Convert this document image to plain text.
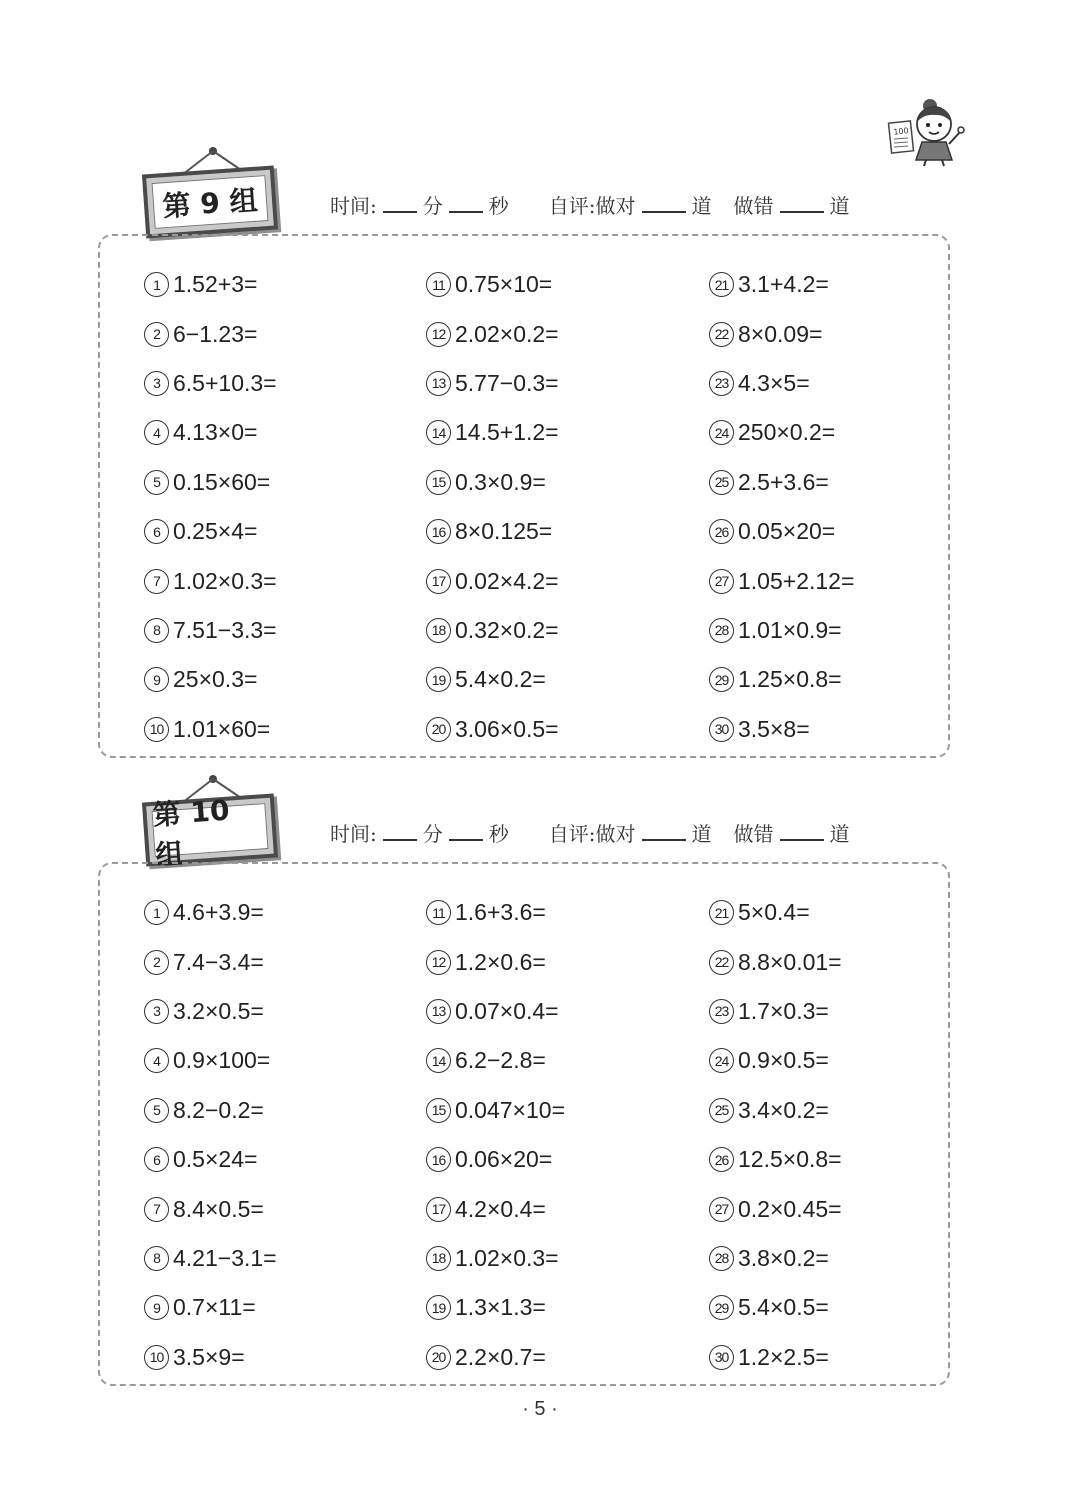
100
第 9 组	时间: 分 秒 自评:做对	道 做错	道
1 1.52+3=
2 6−1.23=
3 6.5+10.3=
4 4.13×0=
5 0.15×60=
6 0.25×4=
7 1.02×0.3=
8 7.51−3.3=
9 25×0.3=
10 1.01×60=
11 0.75×10=
12 2.02×0.2=
13 5.77−0.3=
14 14.5+1.2=
15 0.3×0.9=
16 8×0.125=
17 0.02×4.2=
18 0.32×0.2=
19 5.4×0.2=
20 3.06×0.5=
21 3.1+4.2=
22 8×0.09=
23 4.3×5=
24 250×0.2=
25 2.5+3.6=
26 0.05×20=
27 1.05+2.12=
28 1.01×0.9=
29 1.25×0.8=
30 3.5×8=
第 10 组
时间: 分 秒 自评:做对	道 做错	道
1 4.6+3.9=
2 7.4−3.4=
3 3.2×0.5=
4 0.9×100=
5 8.2−0.2=
6 0.5×24=
7 8.4×0.5=
8 4.21−3.1=
9 0.7×11=
10 3.5×9=
11 1.6+3.6=
12 1.2×0.6=
13 0.07×0.4=
14 6.2−2.8=
15 0.047×10=
16 0.06×20=
17 4.2×0.4=
18 1.02×0.3=
19 1.3×1.3=
20 2.2×0.7=
21 5×0.4=
22 8.8×0.01=
23 1.7×0.3=
24 0.9×0.5=
25 3.4×0.2=
26 12.5×0.8=
27 0.2×0.45=
28 3.8×0.2=
29 5.4×0.5=
30 1.2×2.5=
· 5 ·
